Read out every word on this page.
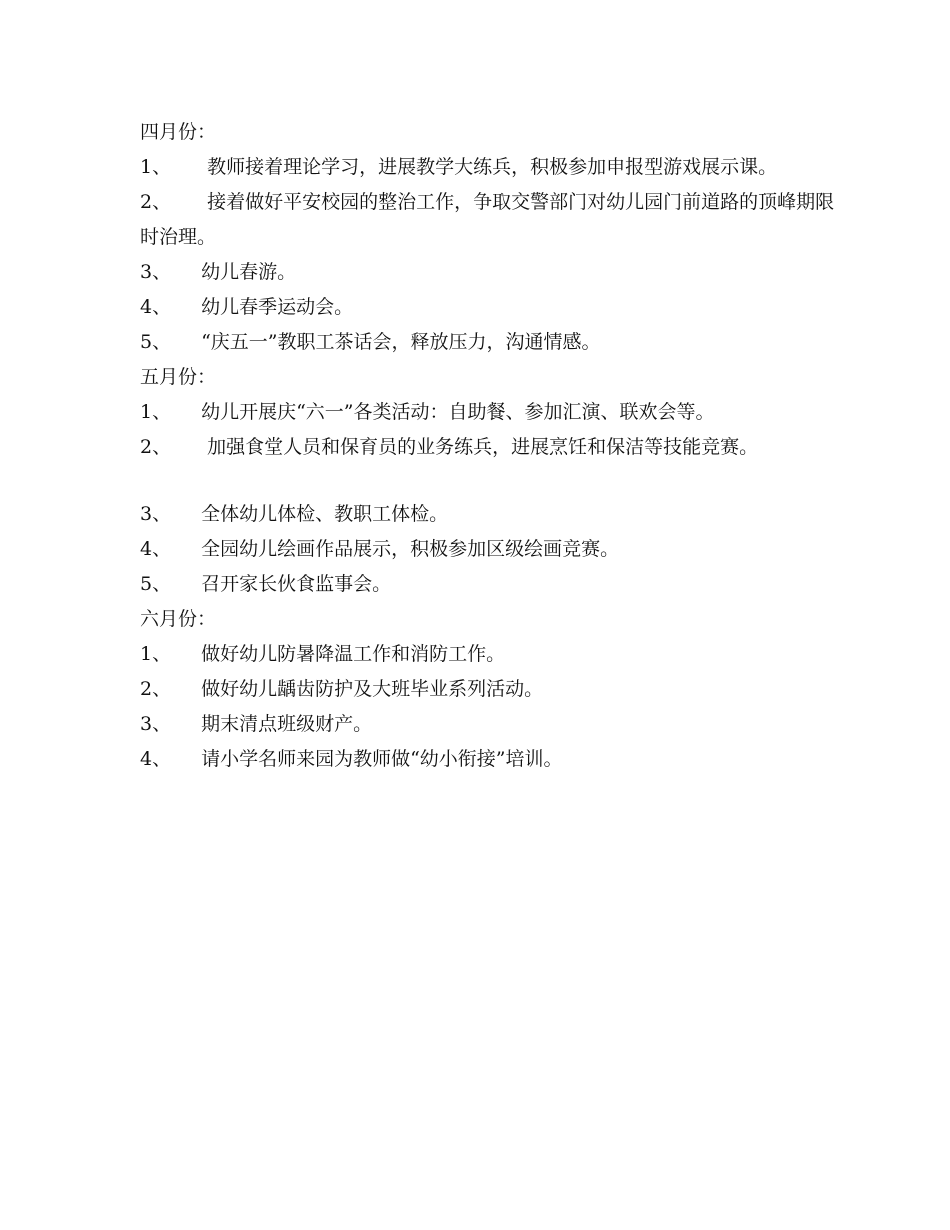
四月份：
1、 教师接着理论学习，进展教学大练兵，积极参加申报型游戏展示课。
2、 接着做好平安校园的整治工作，争取交警部门对幼儿园门前道路的顶峰期限时治理。
3、 幼儿春游。
4、 幼儿春季运动会。
5、 “庆五一”教职工茶话会，释放压力，沟通情感。
五月份：
1、 幼儿开展庆“六一”各类活动：自助餐、参加汇演、联欢会等。
2、 加强食堂人员和保育员的业务练兵，进展烹饪和保洁等技能竞赛。
3、 全体幼儿体检、教职工体检。
4、 全园幼儿绘画作品展示，积极参加区级绘画竞赛。
5、 召开家长伙食监事会。
六月份：
1、 做好幼儿防暑降温工作和消防工作。
2、 做好幼儿龋齿防护及大班毕业系列活动。
3、 期末清点班级财产。
4、 请小学名师来园为教师做“幼小衔接”培训。
